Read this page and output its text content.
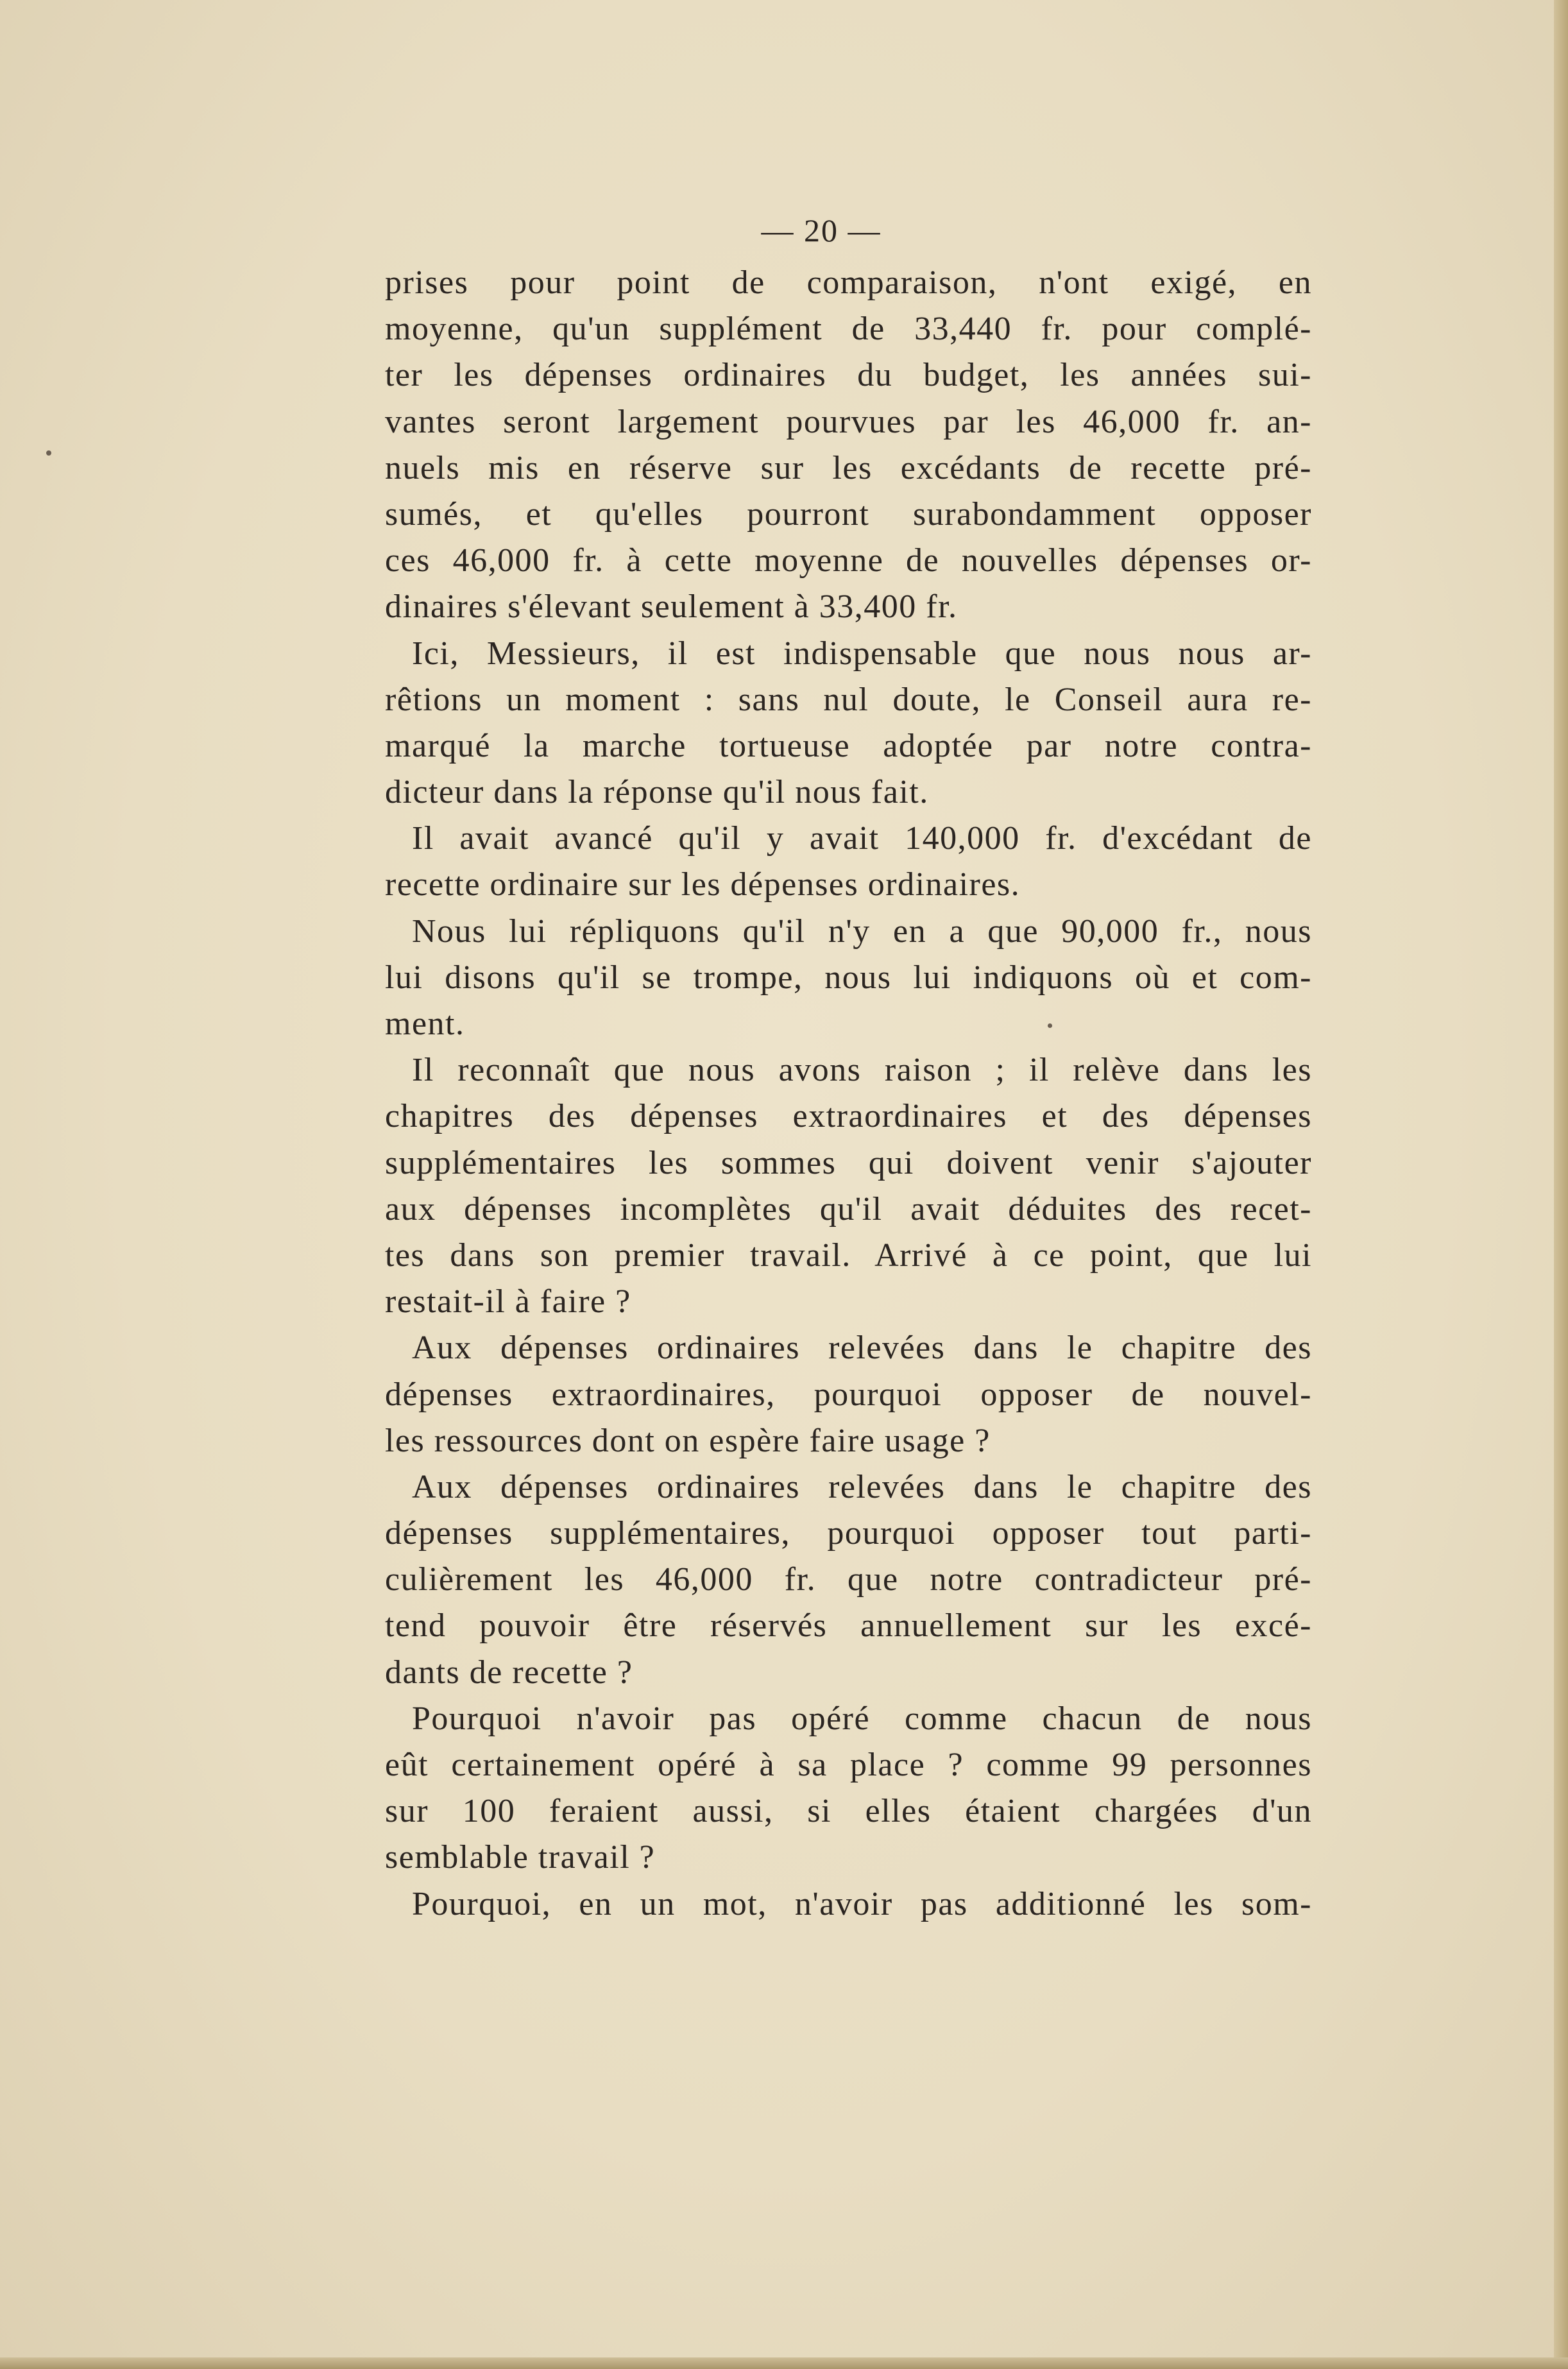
— 20 —
prises pour point de comparaison, n'ont exigé, en
moyenne, qu'un supplément de 33,440 fr. pour complé-
ter les dépenses ordinaires du budget, les années sui-
vantes seront largement pourvues par les 46,000 fr. an-
nuels mis en réserve sur les excédants de recette pré-
sumés, et qu'elles pourront surabondamment opposer
ces 46,000 fr. à cette moyenne de nouvelles dépenses or-
dinaires s'élevant seulement à 33,400 fr.
Ici, Messieurs, il est indispensable que nous nous ar-
rêtions un moment : sans nul doute, le Conseil aura re-
marqué la marche tortueuse adoptée par notre contra-
dicteur dans la réponse qu'il nous fait.
Il avait avancé qu'il y avait 140,000 fr. d'excédant de
recette ordinaire sur les dépenses ordinaires.
Nous lui répliquons qu'il n'y en a que 90,000 fr., nous
lui disons qu'il se trompe, nous lui indiquons où et com-
ment.
Il reconnaît que nous avons raison ; il relève dans les
chapitres des dépenses extraordinaires et des dépenses
supplémentaires les sommes qui doivent venir s'ajouter
aux dépenses incomplètes qu'il avait déduites des recet-
tes dans son premier travail. Arrivé à ce point, que lui
restait-il à faire ?
Aux dépenses ordinaires relevées dans le chapitre des
dépenses extraordinaires, pourquoi opposer de nouvel-
les ressources dont on espère faire usage ?
Aux dépenses ordinaires relevées dans le chapitre des
dépenses supplémentaires, pourquoi opposer tout parti-
culièrement les 46,000 fr. que notre contradicteur pré-
tend pouvoir être réservés annuellement sur les excé-
dants de recette ?
Pourquoi n'avoir pas opéré comme chacun de nous
eût certainement opéré à sa place ? comme 99 personnes
sur 100 feraient aussi, si elles étaient chargées d'un
semblable travail ?
Pourquoi, en un mot, n'avoir pas additionné les som-
